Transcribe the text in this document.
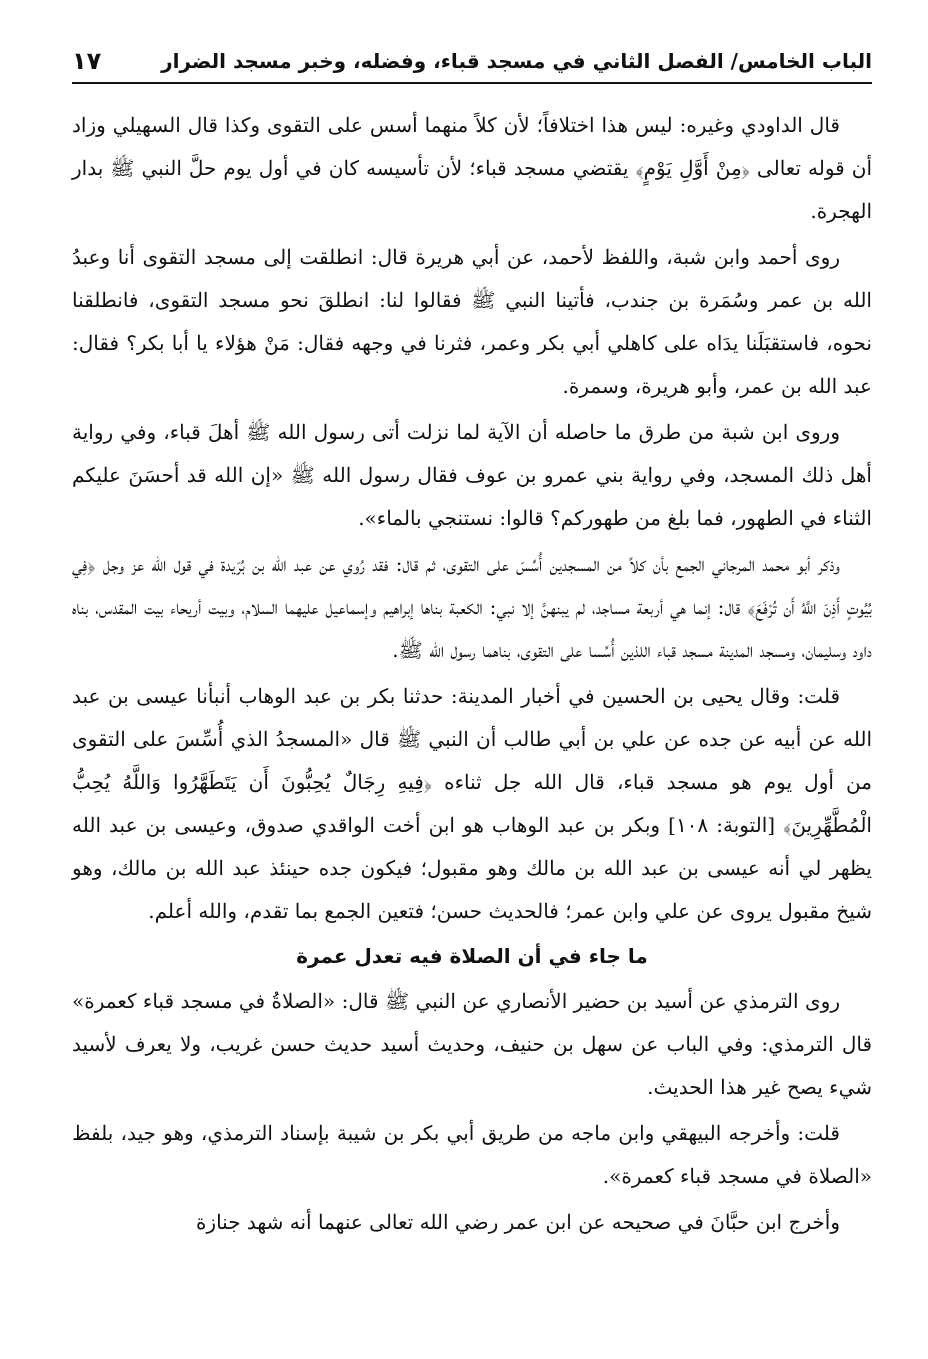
الباب الخامس/ الفصل الثاني في مسجد قباء، وفضله، وخبر مسجد الضرار
١٧

قال الداودي وغيره: ليس هذا اختلافاً؛ لأن كلاً منهما أسس على التقوى وكذا قال السهيلي وزاد أن قوله تعالى ﴿مِنْ أَوَّلِ يَوْمٍ﴾ يقتضي مسجد قباء؛ لأن تأسيسه كان في أول يوم حلَّ النبي ﷺ بدار الهجرة.

روى أحمد وابن شبة، واللفظ لأحمد، عن أبي هريرة قال: انطلقت إلى مسجد التقوى أنا وعبدُ الله بن عمر وسُمَرة بن جندب، فأتينا النبي ﷺ فقالوا لنا: انطلقَ نحو مسجد التقوى، فانطلقنا نحوه، فاستقبَلَنا يدَاه على كاهلي أبي بكر وعمر، فثرنا في وجهه فقال: مَنْ هؤلاء يا أبا بكر؟ فقال: عبد الله بن عمر، وأبو هريرة، وسمرة.

وروى ابن شبة من طرق ما حاصله أن الآية لما نزلت أتى رسول الله ﷺ أهلَ قباء، وفي رواية أهل ذلك المسجد، وفي رواية بني عمرو بن عوف فقال رسول الله ﷺ «إن الله قد أحسَنَ عليكم الثناء في الطهور، فما بلغ من طهوركم؟ قالوا: نستنجي بالماء».

وذكر أبو محمد المرجاني الجمع بأن كلاً من المسجدين أُسِّسَ على التقوى، ثم قال: فقد رُوي عن عبد الله بن بُرَيدة في قول الله عز وجل ﴿فِي بُيُوتٍ أَذِنَ اللَّهُ أَن تُرْفَعَ﴾ قال: إنما هي أربعة مساجد، لم يبنهنَّ إلا نبي: الكعبة بناها إبراهيم وإسماعيل عليهما السلام، وبيت أريحاء بيت المقدس، بناه داود وسليمان، ومسجد المدينة مسجد قباء اللذين أُسِّسا على التقوى، بناهما رسول الله ﷺ.

قلت: وقال يحيى بن الحسين في أخبار المدينة: حدثنا بكر بن عبد الوهاب أنبأنا عيسى بن عبد الله عن أبيه عن جده عن علي بن أبي طالب أن النبي ﷺ قال «المسجدُ الذي أُسِّسَ على التقوى من أول يوم هو مسجد قباء، قال الله جل ثناءه ﴿فِيهِ رِجَالٌ يُحِبُّونَ أَن يَتَطَهَّرُوا وَاللَّهُ يُحِبُّ الْمُطَّهِّرِينَ﴾ [التوبة: ١٠٨] وبكر بن عبد الوهاب هو ابن أخت الواقدي صدوق، وعيسى بن عبد الله يظهر لي أنه عيسى بن عبد الله بن مالك وهو مقبول؛ فيكون جده حينئذ عبد الله بن مالك، وهو شيخ مقبول يروى عن علي وابن عمر؛ فالحديث حسن؛ فتعين الجمع بما تقدم، والله أعلم.

ما جاء في أن الصلاة فيه تعدل عمرة

روى الترمذي عن أسيد بن حضير الأنصاري عن النبي ﷺ قال: «الصلاةُ في مسجد قباء كعمرة» قال الترمذي: وفي الباب عن سهل بن حنيف، وحديث أسيد حديث حسن غريب، ولا يعرف لأسيد شيء يصح غير هذا الحديث.

قلت: وأخرجه البيهقي وابن ماجه من طريق أبي بكر بن شيبة بإسناد الترمذي، وهو جيد، بلفظ «الصلاة في مسجد قباء كعمرة».

وأخرج ابن حبَّانَ في صحيحه عن ابن عمر رضي الله تعالى عنهما أنه شهد جنازة
